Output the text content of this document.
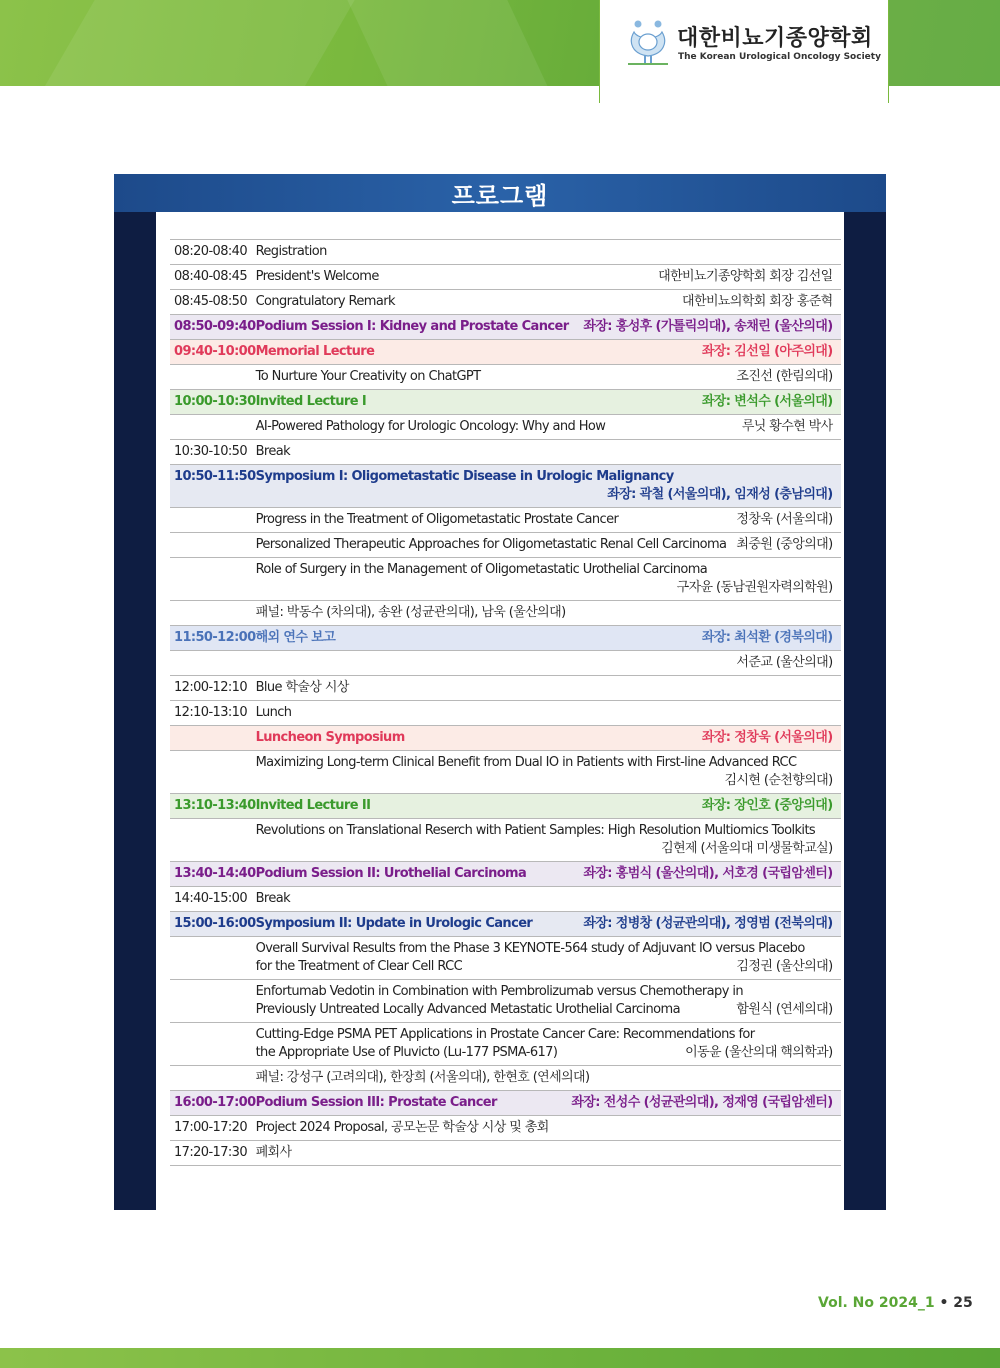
대한비뇨기종양학회
The Korean Urological Oncology Society
프로그램
08:20-08:40	Registration

08:40-08:45	President's Welcome 대한비뇨기종양학회 회장 김선일

08:45-08:50	Congratulatory Remark 대한비뇨의학회 회장 홍준혁

08:50-09:40	Podium Session I: Kidney and Prostate Cancer 좌장: 홍성후 (가톨릭의대), 송채린 (울산의대)

09:40-10:00	Memorial Lecture 좌장: 김선일 (아주의대)

	To Nurture Your Creativity on ChatGPT 조진선 (한림의대)

10:00-10:30	Invited Lecture I 좌장: 변석수 (서울의대)

	AI-Powered Pathology for Urologic Oncology: Why and How 루닛 황수현 박사

10:30-10:50	Break

10:50-11:50	Symposium I: Oligometastatic Disease in Urologic Malignancy
좌장: 곽철 (서울의대), 임재성 (충남의대)

	Progress in the Treatment of Oligometastatic Prostate Cancer 정창욱 (서울의대)

	Personalized Therapeutic Approaches for Oligometastatic Renal Cell Carcinoma 최중원 (중앙의대)

	Role of Surgery in the Management of Oligometastatic Urothelial Carcinoma
구자윤 (동남권원자력의학원)

	패널: 박동수 (차의대), 송완 (성균관의대), 남욱 (울산의대)

11:50-12:00	해외 연수 보고 좌장: 최석환 (경북의대)

	서준교 (울산의대)

12:00-12:10	Blue 학술상 시상

12:10-13:10	Lunch

	Luncheon Symposium 좌장: 정창욱 (서울의대)

	Maximizing Long-term Clinical Benefit from Dual IO in Patients with First-line Advanced RCC
김시현 (순천향의대)

13:10-13:40	Invited Lecture II 좌장: 장인호 (중앙의대)

	Revolutions on Translational Reserch with Patient Samples: High Resolution Multiomics Toolkits
김현제 (서울의대 미생물학교실)

13:40-14:40	Podium Session II: Urothelial Carcinoma 좌장: 홍범식 (울산의대), 서호경 (국립암센터)

14:40-15:00	Break

15:00-16:00	Symposium II: Update in Urologic Cancer 좌장: 정병창 (성균관의대), 정영범 (전북의대)

	Overall Survival Results from the Phase 3 KEYNOTE-564 study of Adjuvant IO versus Placebo
for the Treatment of Clear Cell RCC 김정권 (울산의대)

	Enfortumab Vedotin in Combination with Pembrolizumab versus Chemotherapy in
Previously Untreated Locally Advanced Metastatic Urothelial Carcinoma 함원식 (연세의대)

	Cutting-Edge PSMA PET Applications in Prostate Cancer Care: Recommendations for
the Appropriate Use of Pluvicto (Lu-177 PSMA-617) 이동윤 (울산의대 핵의학과)

	패널: 강성구 (고려의대), 한장희 (서울의대), 한현호 (연세의대)

16:00-17:00	Podium Session III: Prostate Cancer 좌장: 전성수 (성균관의대), 정재영 (국립암센터)

17:00-17:20	Project 2024 Proposal, 공모논문 학술상 시상 및 총회

17:20-17:30	폐회사
Vol. No 2024_1 • 25
